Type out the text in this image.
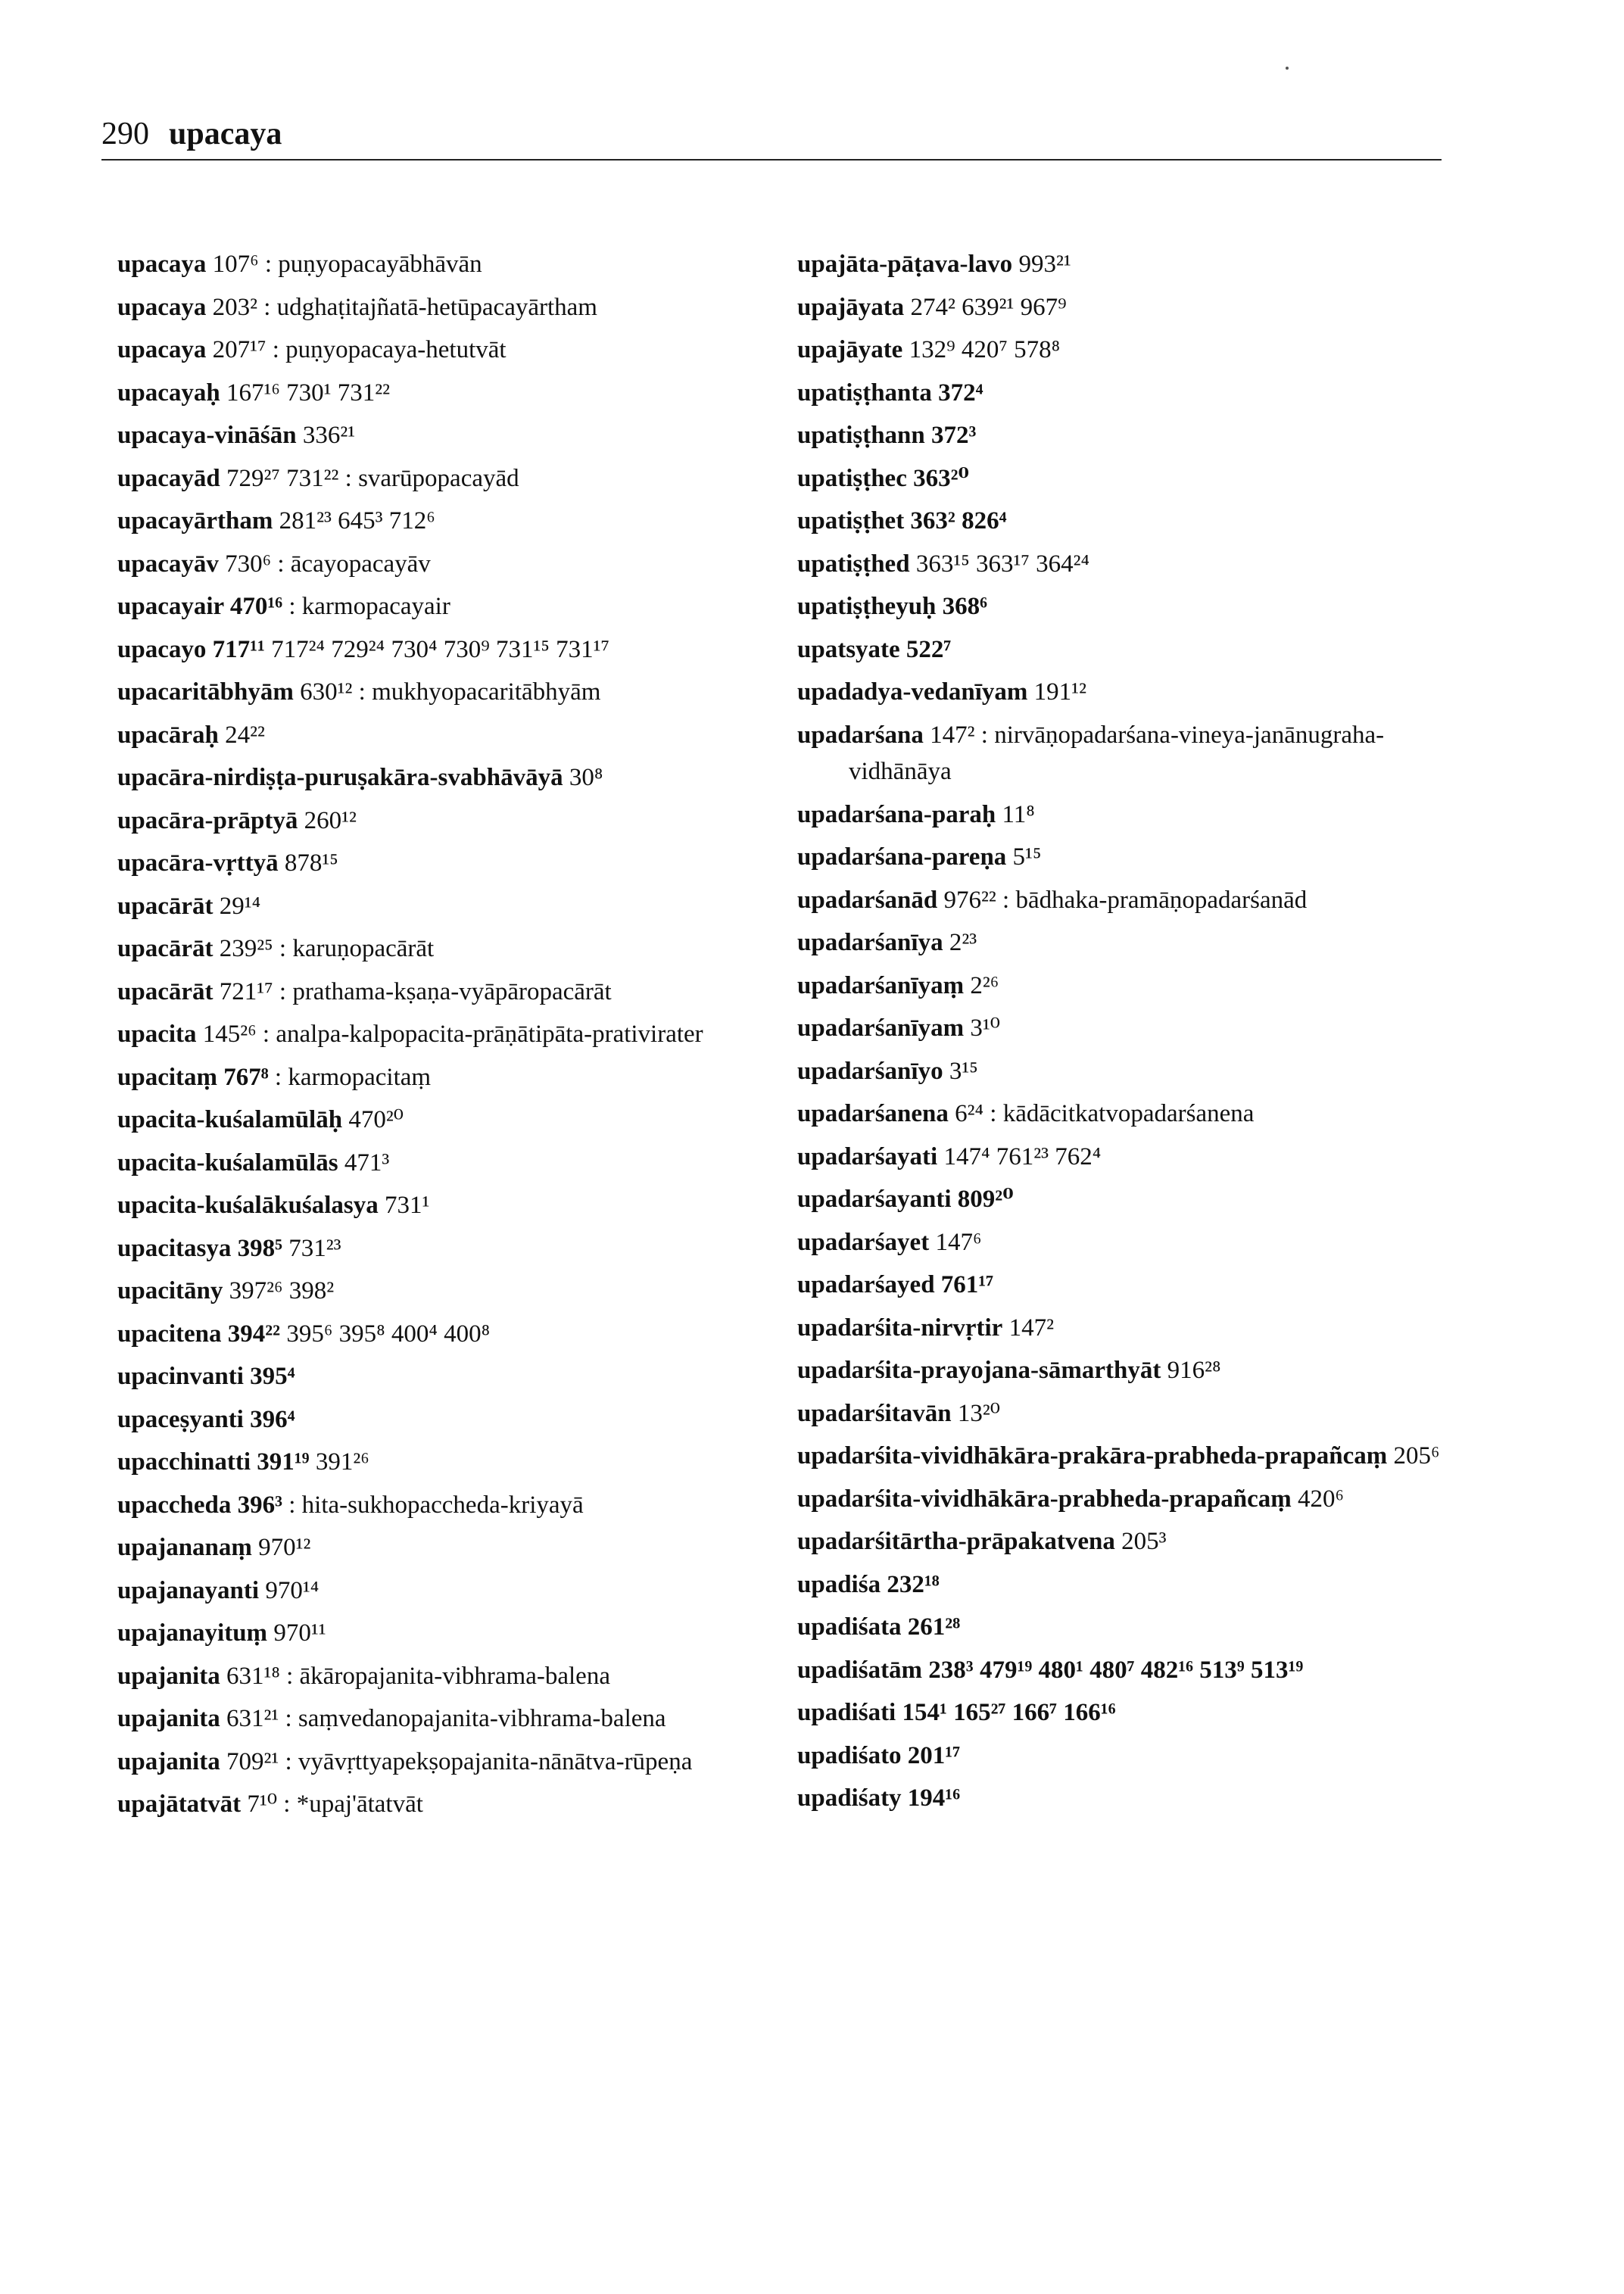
290 upacaya
upacaya 107⁶ : puṇyopacayābhāvān
upacaya 203² : udghaṭitajñatā-hetūpacayārtham
upacaya 207¹⁷ : puṇyopacaya-hetutvāt
upacayaḥ 167¹⁶ 730¹ 731²²
upacaya-vināśān 336²¹
upacayād 729²⁷ 731²² : svarūpopacayād
upacayārtham 281²³ 645³ 712⁶
upacayāv 730⁶ : ācayopacayāv
upacayair 470¹⁶ : karmopacayair
upacayo 717¹¹ 717²⁴ 729²⁴ 730⁴ 730⁹ 731¹⁵ 731¹⁷
upacaritābhyām 630¹² : mukhyopacaritābhyām
upacāraḥ 24²²
upacāra-nirdiṣṭa-puruṣakāra-svabhāvāyā 30⁸
upacāra-prāptyā 260¹²
upacāra-vṛttyā 878¹⁵
upacārāt 29¹⁴
upacārāt 239²⁵ : karuṇopacārāt
upacārāt 721¹⁷ : prathama-kṣaṇa-vyāpāropacārāt
upacita 145²⁶ : analpa-kalpopacita-prāṇātipāta-prativirater
upacitaṃ 767⁸ : karmopacitaṃ
upacita-kuśalamūlāḥ 470²⁰
upacita-kuśalamūlās 471³
upacita-kuśalākuśalasya 731¹
upacitasya 398⁵ 731²³
upacitāny 397²⁶ 398²
upacitena 394²² 395⁶ 395⁸ 400⁴ 400⁸
upacinvanti 395⁴
upaceṣyanti 396⁴
upacchinatti 391¹⁹ 391²⁶
upaccheda 396³ : hita-sukhopaccheda-kriyayā
upajananaṃ 970¹²
upajanayanti 970¹⁴
upajanayituṃ 970¹¹
upajanita 631¹⁸ : ākāropajanita-vibhrama-balena
upajanita 631²¹ : saṃvedanopajanita-vibhrama-balena
upajanita 709²¹ : vyāvṛttyapekṣopajanita-nānātva-rūpeṇa
upajātatvāt 7¹⁰ : *upaj'ātatvāt
upajāta-pāṭava-lavo 993²¹
upajāyata 274² 639²¹ 967⁹
upajāyate 132⁹ 420⁷ 578⁸
upatiṣṭhanta 372⁴
upatiṣṭhann 372³
upatiṣṭhec 363²⁰
upatiṣṭhet 363² 826⁴
upatiṣṭhed 363¹⁵ 363¹⁷ 364²⁴
upatiṣṭheyuḥ 368⁶
upatsyate 522⁷
upadadya-vedanīyam 191¹²
upadarśana 147² : nirvāṇopadarśana-vineya-janānugraha-vidhānāya
upadarśana-paraḥ 11⁸
upadarśana-pareṇa 5¹⁵
upadarśanād 976²² : bādhaka-pramāṇopadarśanād
upadarśanīya 2²³
upadarśanīyaṃ 2²⁶
upadarśanīyam 3¹⁰
upadarśanīyo 3¹⁵
upadarśanena 6²⁴ : kādācitkatvopadarśanena
upadarśayati 147⁴ 761²³ 762⁴
upadarśayanti 809²⁰
upadarśayet 147⁶
upadarśayed 761¹⁷
upadarśita-nirvṛtir 147²
upadarśita-prayojana-sāmarthyāt 916²⁸
upadarśitavān 13²⁰
upadarśita-vividhākāra-prakāra-prabheda-prapañcaṃ 205⁶
upadarśita-vividhākāra-prabheda-prapañcaṃ 420⁶
upadarśitārtha-prāpakatvena 205³
upadiśa 232¹⁸
upadiśata 261²⁸
upadiśatām 238³ 479¹⁹ 480¹ 480⁷ 482¹⁶ 513⁹ 513¹⁹
upadiśati 154¹ 165²⁷ 166⁷ 166¹⁶
upadiśato 201¹⁷
upadiśaty 194¹⁶
